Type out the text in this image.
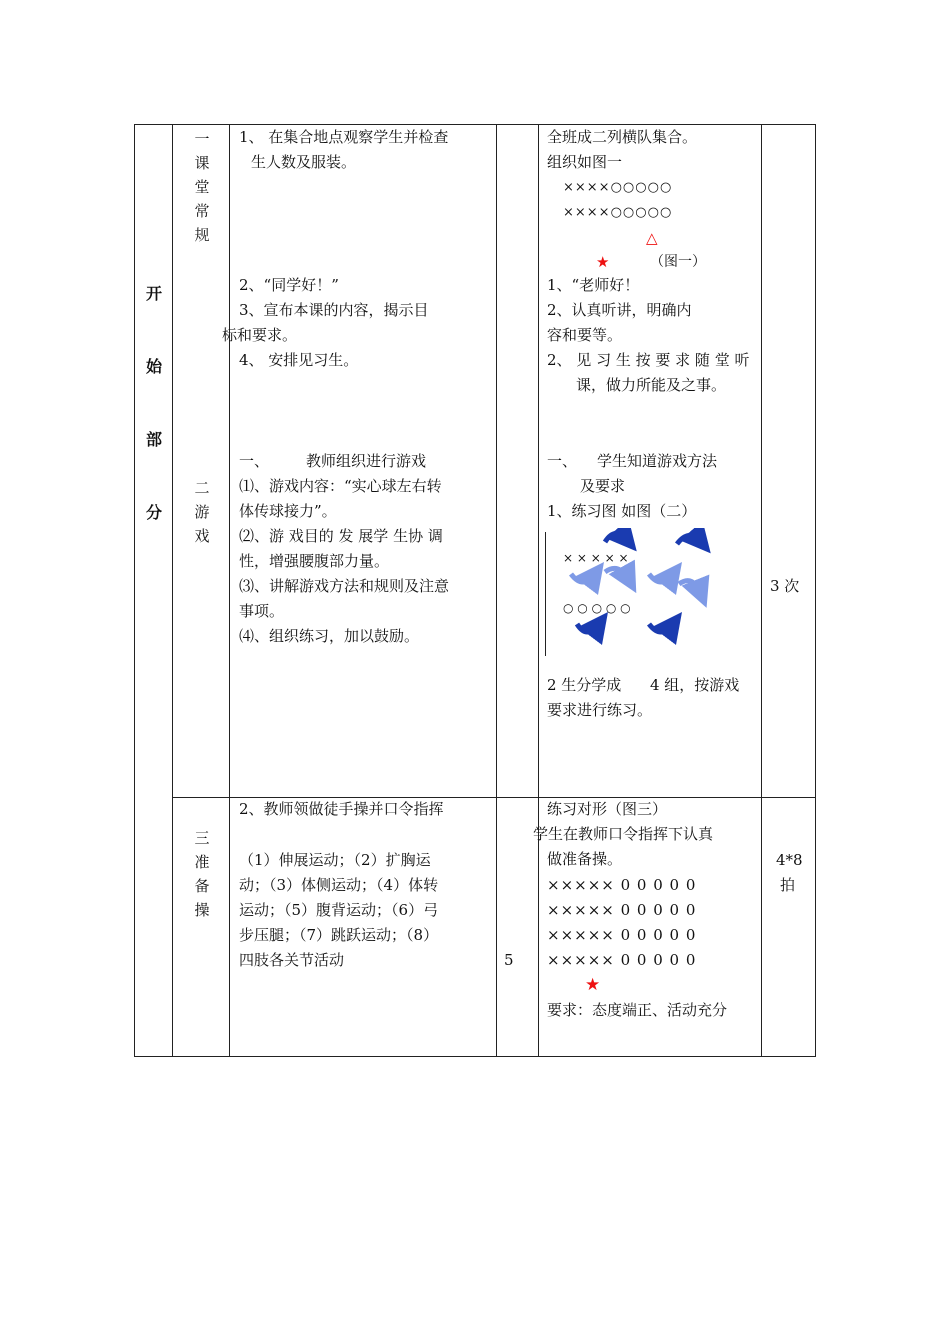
开
始
部
分
一
课
堂
常
规
二
游
戏
三
准
备
操
1、 在集合地点观察学生并检查
生人数及服装。
2、“同学好！”
3、宣布本课的内容，揭示目
标和要求。
4、 安排见习生。
一、 教师组织进行游戏
⑴、游戏内容：“实心球左右转
体传球接力”。
⑵、游 戏目的 发 展学 生协 调
性，增强腰腹部力量。
⑶、讲解游戏方法和规则及注意
事项。
⑷、组织练习，加以鼓励。
2、教师领做徒手操并口令指挥
（1）伸展运动；（2）扩胸运
动；（3）体侧运动；（4）体转
运动；（5）腹背运动；（6）弓
步压腿；（7）跳跃运动；（8）
四肢各关节活动	5
全班成二列横队集合。
组织如图一
××××○○○○○
××××○○○○○
△
★	（图一）
1、“老师好！
2、认真听讲，明确内
容和要等。
2、 见 习 生 按 要 求 随 堂 听
课，做力所能及之事。
一、 学生知道游戏方法
及要求
1、练习图 如图（二）
× × × × ×
○ ○ ○ ○ ○
2 生分学成 4 组，按游戏
要求进行练习。
练习对形（图三）
学生在教师口令指挥下认真
做准备操。
××××× 0 0 0 0 0
××××× 0 0 0 0 0
××××× 0 0 0 0 0
××××× 0 0 0 0 0
★
要求：态度端正、活动充分
3 次
4*8
拍
